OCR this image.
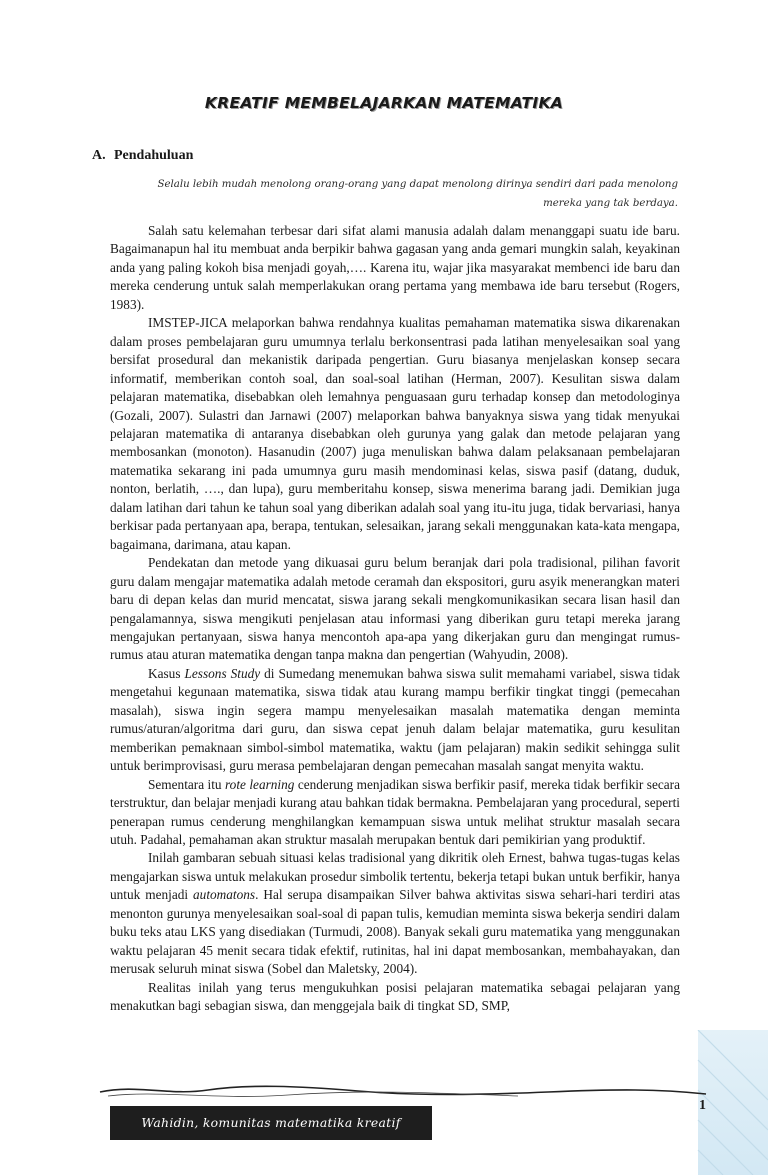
KREATIF MEMBELAJARKAN MATEMATIKA
A. Pendahuluan
Selalu lebih mudah menolong orang-orang yang dapat menolong dirinya sendiri dari pada menolong
mereka yang tak berdaya.

Salah satu kelemahan terbesar dari sifat alami manusia adalah dalam menanggapi suatu ide baru. Bagaimanapun hal itu membuat anda berpikir bahwa gagasan yang anda gemari mungkin salah, keyakinan anda yang paling kokoh bisa menjadi goyah,…. Karena itu, wajar jika masyarakat membenci ide baru dan mereka cenderung untuk salah memperlakukan orang pertama yang membawa ide baru tersebut (Rogers, 1983).

IMSTEP-JICA melaporkan bahwa rendahnya kualitas pemahaman matematika siswa dikarenakan dalam proses pembelajaran guru umumnya terlalu berkonsentrasi pada latihan menyelesaikan soal yang bersifat prosedural dan mekanistik daripada pengertian. Guru biasanya menjelaskan konsep secara informatif, memberikan contoh soal, dan soal-soal latihan (Herman, 2007). Kesulitan siswa dalam pelajaran matematika, disebabkan oleh lemahnya penguasaan guru terhadap konsep dan metodologinya (Gozali, 2007). Sulastri dan Jarnawi (2007) melaporkan bahwa banyaknya siswa yang tidak menyukai pelajaran matematika di antaranya disebabkan oleh gurunya yang galak dan metode pelajaran yang membosankan (monoton). Hasanudin (2007) juga menuliskan bahwa dalam pelaksanaan pembelajaran matematika sekarang ini pada umumnya guru masih mendominasi kelas, siswa pasif (datang, duduk, nonton, berlatih, …., dan lupa), guru memberitahu konsep, siswa menerima barang jadi. Demikian juga dalam latihan dari tahun ke tahun soal yang diberikan adalah soal yang itu-itu juga, tidak bervariasi, hanya berkisar pada pertanyaan apa, berapa, tentukan, selesaikan, jarang sekali menggunakan kata-kata mengapa, bagaimana, darimana, atau kapan.

Pendekatan dan metode yang dikuasai guru belum beranjak dari pola tradisional, pilihan favorit guru dalam mengajar matematika adalah metode ceramah dan ekspositori, guru asyik menerangkan materi baru di depan kelas dan murid mencatat, siswa jarang sekali mengkomunikasikan secara lisan hasil dan pengalamannya, siswa mengikuti penjelasan atau informasi yang diberikan guru tetapi mereka jarang mengajukan pertanyaan, siswa hanya mencontoh apa-apa yang dikerjakan guru dan mengingat rumus-rumus atau aturan matematika dengan tanpa makna dan pengertian (Wahyudin, 2008).

Kasus Lessons Study di Sumedang menemukan bahwa siswa sulit memahami variabel, siswa tidak mengetahui kegunaan matematika, siswa tidak atau kurang mampu berfikir tingkat tinggi (pemecahan masalah), siswa ingin segera mampu menyelesaikan masalah matematika dengan meminta rumus/aturan/algoritma dari guru, dan siswa cepat jenuh dalam belajar matematika, guru kesulitan memberikan pemaknaan simbol-simbol matematika, waktu (jam pelajaran) makin sedikit sehingga sulit untuk berimprovisasi, guru merasa pembelajaran dengan pemecahan masalah sangat menyita waktu.

Sementara itu rote learning cenderung menjadikan siswa berfikir pasif, mereka tidak berfikir secara terstruktur, dan belajar menjadi kurang atau bahkan tidak bermakna. Pembelajaran yang procedural, seperti penerapan rumus cenderung menghilangkan kemampuan siswa untuk melihat struktur masalah secara utuh. Padahal, pemahaman akan struktur masalah merupakan bentuk dari pemikirian yang produktif.

Inilah gambaran sebuah situasi kelas tradisional yang dikritik oleh Ernest, bahwa tugas-tugas kelas mengajarkan siswa untuk melakukan prosedur simbolik tertentu, bekerja tetapi bukan untuk berfikir, hanya untuk menjadi automatons. Hal serupa disampaikan Silver bahwa aktivitas siswa sehari-hari terdiri atas menonton gurunya menyelesaikan soal-soal di papan tulis, kemudian meminta siswa bekerja sendiri dalam buku teks atau LKS yang disediakan (Turmudi, 2008). Banyak sekali guru matematika yang menggunakan waktu pelajaran 45 menit secara tidak efektif, rutinitas, hal ini dapat membosankan, membahayakan, dan merusak seluruh minat siswa (Sobel dan Maletsky, 2004).

Realitas inilah yang terus mengukuhkan posisi pelajaran matematika sebagai pelajaran yang menakutkan bagi sebagian siswa, dan menggejala baik di tingkat SD, SMP,

1
Wahidin, komunitas matematika kreatif UHAMKA
